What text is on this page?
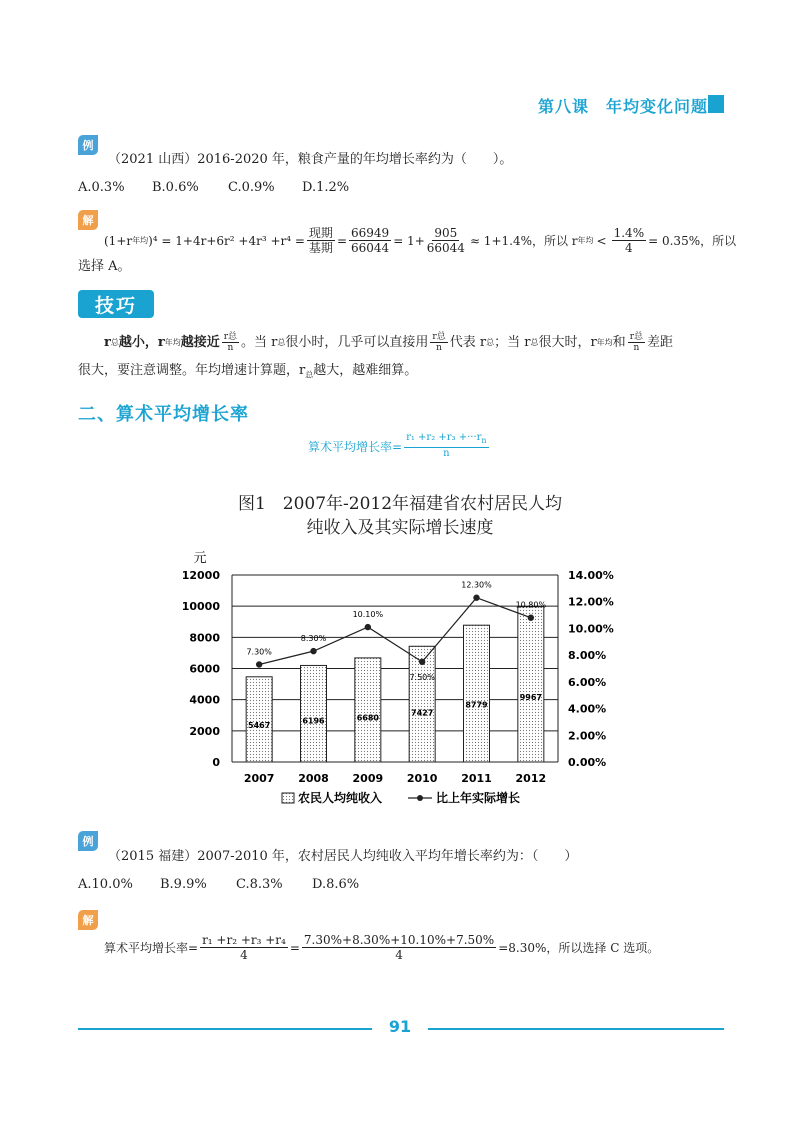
第八课　年均变化问题
例
（2021 山西）2016-2020 年，粮食产量的年均增长率约为（　　）。
A.0.3% B.0.6% C.0.9% D.1.2%
解
(1+r 年均 )$^4 = 1+4r+6r^2 +4r^3 +r^4 = \frac{\text{现期}}{\text{基期}} = \frac{66949}{66044} = 1+ \frac{905}{66044} \approx 1+1.4\%$，所以 r 年均 < $\frac{1.4\%}{4} = 0.35\%$，所以
选择 A。
技巧
r 总 越小，r 年均 越接近 $\frac{\text{r总}}{n}$ 。当 r 总 很小时，几乎可以直接用 $\frac{\text{r总}}{n}$ 代表 r 总 ；当 r 总 很大时，r 年均 和 $\frac{\text{r总}}{n}$ 差距
很大，要注意调整。年均增速计算题，$r_总$越大，越难细算。
二、算术平均增长率
算术平均增长率= $\frac{r_1 +r_2 +r_3 +\cdot\cdot\cdot r_n}{n}$
图1　2007年-2012年福建省农村居民人均
纯收入及其实际增长速度
元
0
2000
4000
6000
8000
10000
12000
0.00%
2.00%
4.00%
6.00%
8.00%
10.00%
12.00%
14.00%
5467
2007
6196
2008
6680
2009
7427
2010
8779
2011
9967
2012
7.30%
8.30%
10.10%
7.50%
12.30%
10.80%
农民人均纯收入	比上年实际增长
例
（2015 福建）2007-2010 年，农村居民人均纯收入平均年增长率约为：（　　）
A.10.0% B.9.9% C.8.3% D.8.6%
解
算术平均增长率= $\frac{\text{r₁ +r₂ +r₃ +r₄}}{4} = \frac{7.30\%+8.30\%+10.10\%+7.50\%}{4} =8.30\%$，所以选择 C 选项。
91
